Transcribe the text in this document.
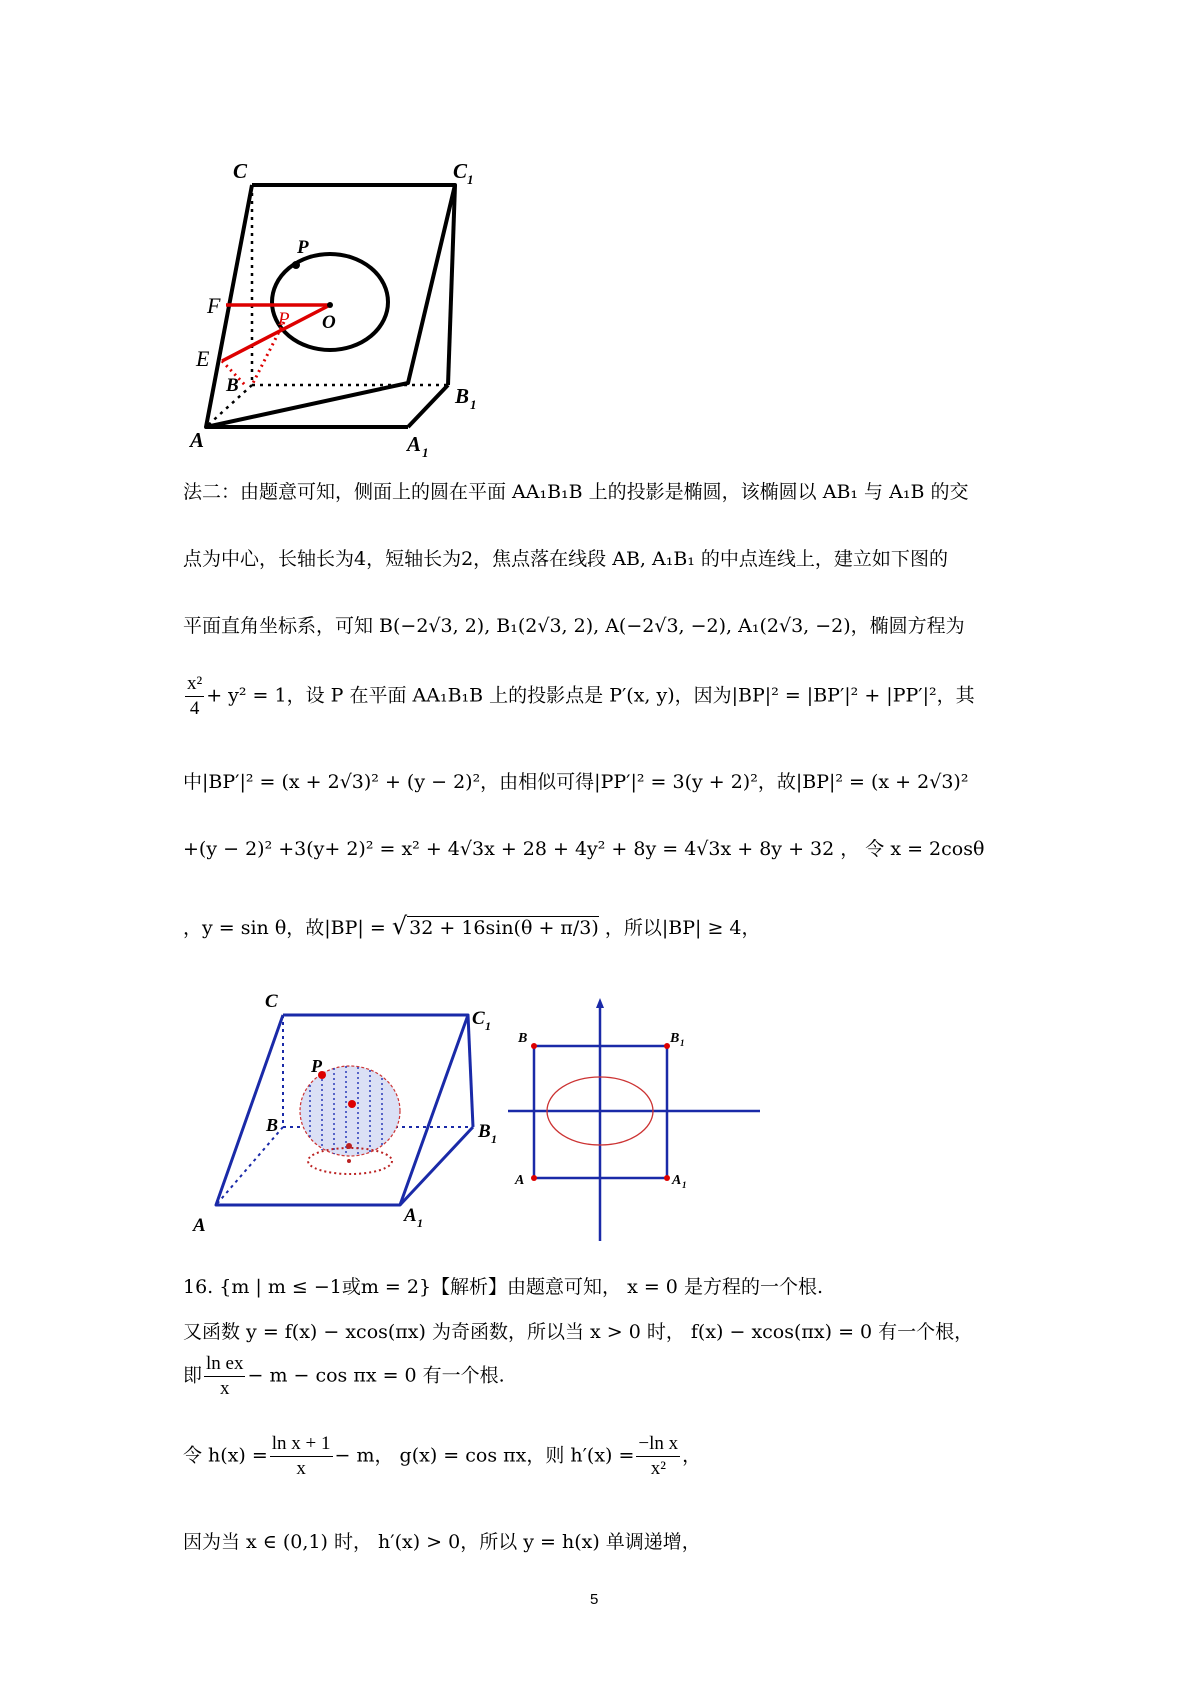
C	C 1
P
F
E
P O
B	B 1
A	A 1
法二：由题意可知，侧面上的圆在平面 AA₁B₁B 上的投影是椭圆，该椭圆以 AB₁ 与 A₁B 的交
点为中心，长轴长为4，短轴长为2，焦点落在线段 AB, A₁B₁ 的中点连线上，建立如下图的
平面直角坐标系，可知 B(−2√3, 2), B₁(2√3, 2), A(−2√3, −2), A₁(2√3, −2)，椭圆方程为
$\frac{\text{x²}}{4} + y^2 = 1$，设 P 在平面 AA₁B₁B 上的投影点是 P′(x, y)，因为|BP|² = |BP′|² + |PP′|²，其
中|BP′|² = (x + 2√3)² + (y − 2)²，由相似可得|PP′|² = 3(y + 2)²，故|BP|² = (x + 2√3)²
+(y − 2)² +3(y+ 2)² = x² + 4√3x + 28 + 4y² + 8y = 4√3x + 8y + 32 ， 令 x = 2cosθ
，y = sin θ，故|BP| = √ 32 + 16sin(θ + π/3) ，所以|BP| ≥ 4，
C
C 1
P
B	B 1
A	A 1
B	B 1
A	A 1
16. {m | m ≤ −1或m = 2}【解析】由题意可知， x = 0 是方程的一个根.
又函数 y = f(x) − xcos(πx) 为奇函数，所以当 x > 0 时， f(x) − xcos(πx) = 0 有一个根，
即 $\frac{\text{ln ex}}{x} - m - \cos \pi x = 0$ 有一个根.
令 $h(x) = \frac{\text{ln x + 1}}{x} - m$， g(x) = cos πx，则 $h'(x) = \frac{\text{−ln x}}{\text{x²}}$ ，
因为当 x ∈ (0,1) 时， h′(x) > 0，所以 y = h(x) 单调递增，
5
